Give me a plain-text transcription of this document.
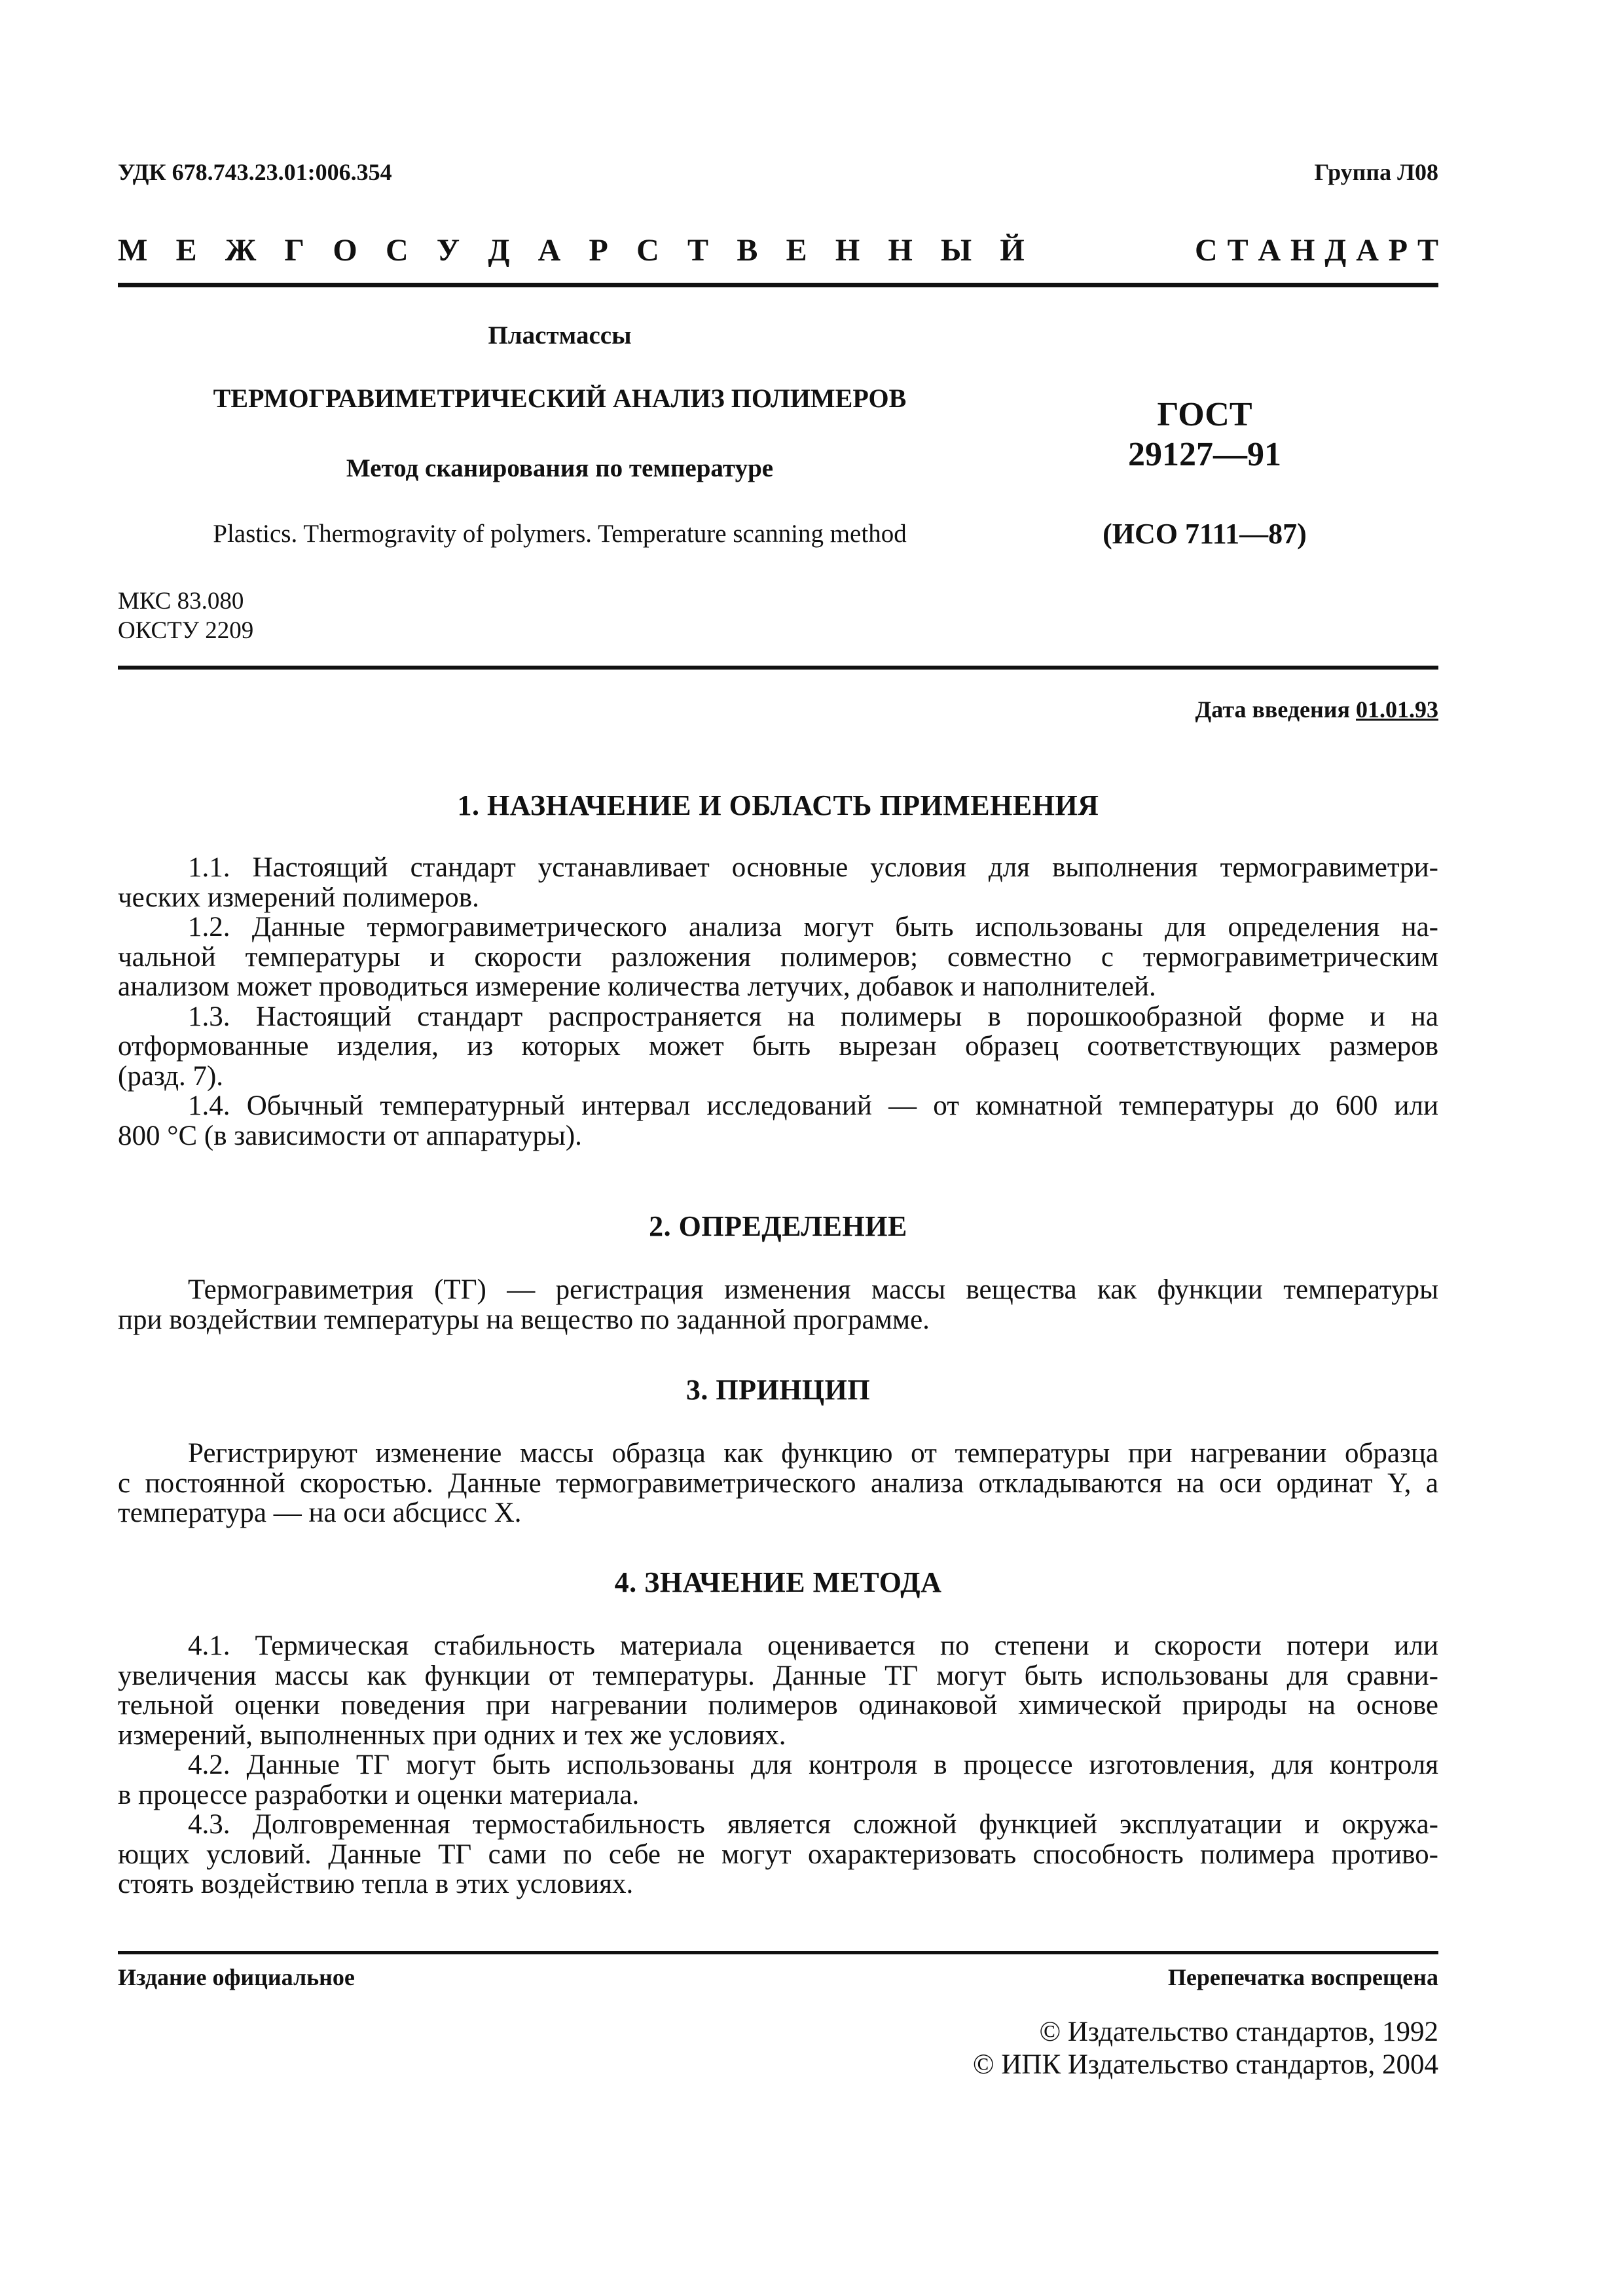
УДК 678.743.23.01:006.354	Группа Л08
М Е Ж Г О С У Д А Р С Т В Е Н Н Ы Й	С Т А Н Д А Р Т
Пластмассы
ТЕРМОГРАВИМЕТРИЧЕСКИЙ АНАЛИЗ ПОЛИМЕРОВ
Метод сканирования по температуре
Plastics. Thermogravity of polymers. Temperature scanning method
ГОСТ
29127—91
(ИСО 7111—87)
МКС 83.080
ОКСТУ 2209
Дата введения 01.01.93
1. НАЗНАЧЕНИЕ И ОБЛАСТЬ ПРИМЕНЕНИЯ
1.1. Настоящий стандарт устанавливает основные условия для выполнения термогравиметри-
ческих измерений полимеров.
1.2. Данные термогравиметрического анализа могут быть использованы для определения на-
чальной температуры и скорости разложения полимеров; совместно с термогравиметрическим
анализом может проводиться измерение количества летучих, добавок и наполнителей.
1.3. Настоящий стандарт распространяется на полимеры в порошкообразной форме и на
отформованные изделия, из которых может быть вырезан образец соответствующих размеров
(разд. 7).
1.4. Обычный температурный интервал исследований — от комнатной температуры до 600 или
800 °С (в зависимости от аппаратуры).
2. ОПРЕДЕЛЕНИЕ
Термогравиметрия (ТГ) — регистрация изменения массы вещества как функции температуры
при воздействии температуры на вещество по заданной программе.
3. ПРИНЦИП
Регистрируют изменение массы образца как функцию от температуры при нагревании образца
с постоянной скоростью. Данные термогравиметрического анализа откладываются на оси ординат Y, а
температура — на оси абсцисс X.
4. ЗНАЧЕНИЕ МЕТОДА
4.1. Термическая стабильность материала оценивается по степени и скорости потери или
увеличения массы как функции от температуры. Данные ТГ могут быть использованы для сравни-
тельной оценки поведения при нагревании полимеров одинаковой химической природы на основе
измерений, выполненных при одних и тех же условиях.
4.2. Данные ТГ могут быть использованы для контроля в процессе изготовления, для контроля
в процессе разработки и оценки материала.
4.3. Долговременная термостабильность является сложной функцией эксплуатации и окружа-
ющих условий. Данные ТГ сами по себе не могут охарактеризовать способность полимера противо-
стоять воздействию тепла в этих условиях.
Издание официальное	Перепечатка воспрещена
© Издательство стандартов, 1992
© ИПК Издательство стандартов, 2004
